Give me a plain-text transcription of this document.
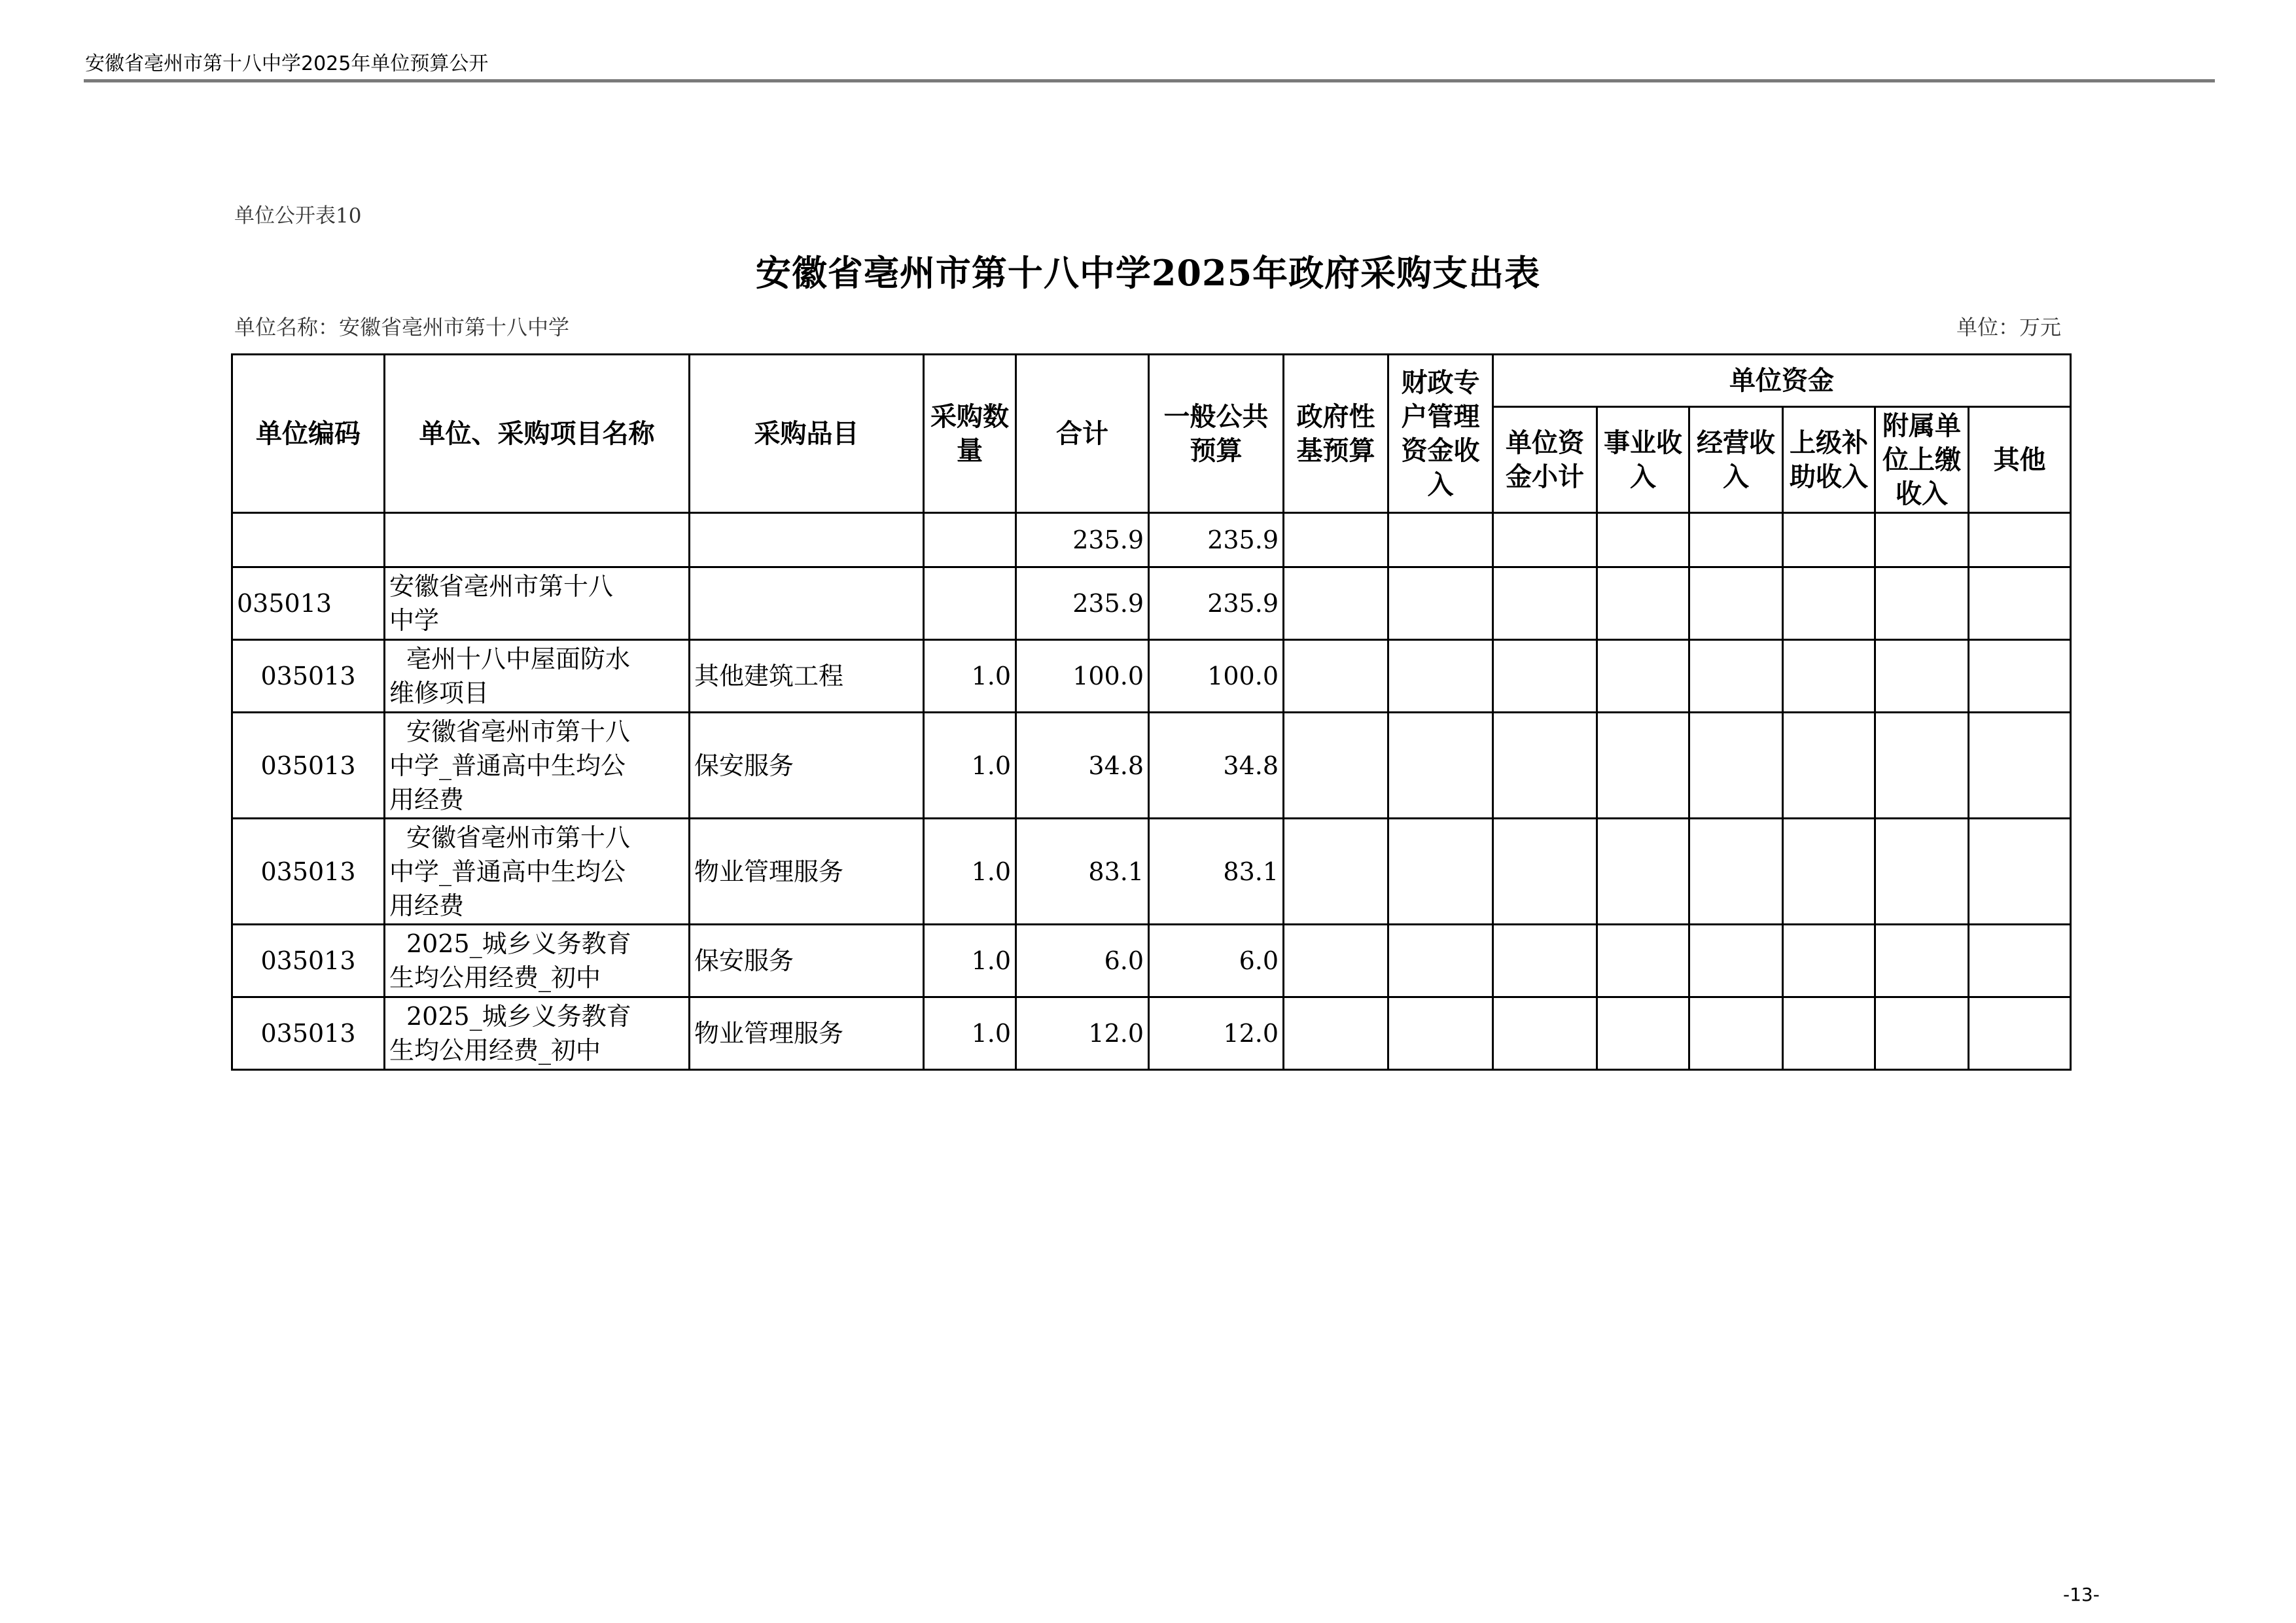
安徽省亳州市第十八中学2025年单位预算公开
单位公开表10
安徽省亳州市第十八中学2025年政府采购支出表
单位名称：安徽省亳州市第十八中学	单位：万元
单位编码	单位、采购项目名称	采购品目	采购数量	合计	一般公共预算	政府性基预算	财政专户管理资金收入	单位资金					
								单位资金小计	事业收入	经营收入	上级补助收入	附属单位上缴收入	其他
				235.9	235.9								
035013	安徽省亳州市第十八
中学			235.9	235.9								
035013	亳州十八中屋面防水
维修项目	其他建筑工程	1.0	100.0	100.0								
035013	安徽省亳州市第十八
中学_普通高中生均公
用经费	保安服务	1.0	34.8	34.8								
035013	安徽省亳州市第十八
中学_普通高中生均公
用经费	物业管理服务	1.0	83.1	83.1								
035013	2025_城乡义务教育
生均公用经费_初中	保安服务	1.0	6.0	6.0								
035013	2025_城乡义务教育
生均公用经费_初中	物业管理服务	1.0	12.0	12.0								
-13-
